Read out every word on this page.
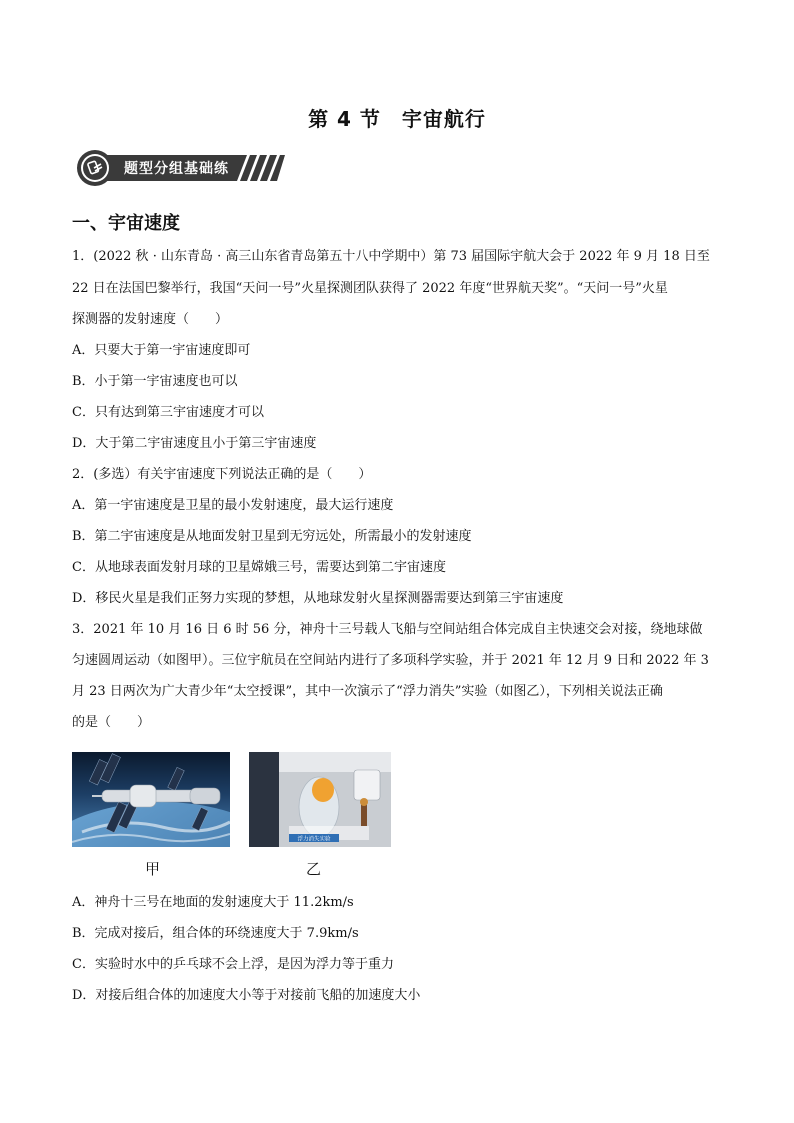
第 4 节　宇宙航行
题型分组基础练
一、宇宙速度
1．(2022 秋 · 山东青岛 · 高三山东省青岛第五十八中学期中）第 73 届国际宇航大会于 2022 年 9 月 18 日至
22 日在法国巴黎举行，我国“天问一号”火星探测团队获得了 2022 年度“世界航天奖”。“天问一号”火星
探测器的发射速度（　　）
A．只要大于第一宇宙速度即可
B．小于第一宇宙速度也可以
C．只有达到第三宇宙速度才可以
D．大于第二宇宙速度且小于第三宇宙速度
2．(多选）有关宇宙速度下列说法正确的是（　　）
A．第一宇宙速度是卫星的最小发射速度，最大运行速度
B．第二宇宙速度是从地面发射卫星到无穷远处，所需最小的发射速度
C．从地球表面发射月球的卫星嫦娥三号，需要达到第二宇宙速度
D．移民火星是我们正努力实现的梦想，从地球发射火星探测器需要达到第三宇宙速度
3．2021 年 10 月 16 日 6 时 56 分，神舟十三号载人飞船与空间站组合体完成自主快速交会对接，绕地球做
匀速圆周运动（如图甲）。三位宇航员在空间站内进行了多项科学实验，并于 2021 年 12 月 9 日和 2022 年 3
月 23 日两次为广大青少年“太空授课”，其中一次演示了“浮力消失”实验（如图乙），下列相关说法正确
的是（　　）
浮力消失实验
甲	乙
A．神舟十三号在地面的发射速度大于 11.2km/s
B．完成对接后，组合体的环绕速度大于 7.9km/s
C．实验时水中的乒乓球不会上浮，是因为浮力等于重力
D．对接后组合体的加速度大小等于对接前飞船的加速度大小
